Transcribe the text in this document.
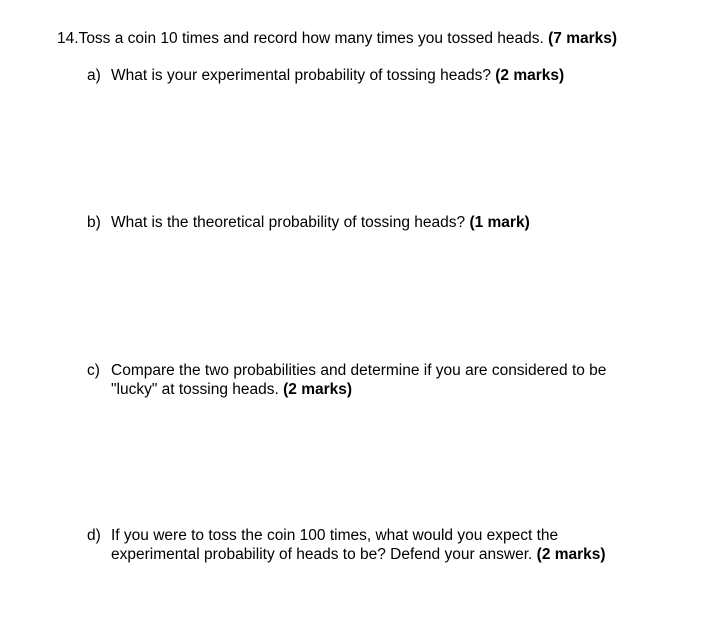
14.Toss a coin 10 times and record how many times you tossed heads. (7 marks)
a) What is your experimental probability of tossing heads? (2 marks)
b) What is the theoretical probability of tossing heads? (1 mark)
c) Compare the two probabilities and determine if you are considered to be "lucky" at tossing heads. (2 marks)
d) If you were to toss the coin 100 times, what would you expect the experimental probability of heads to be? Defend your answer. (2 marks)
